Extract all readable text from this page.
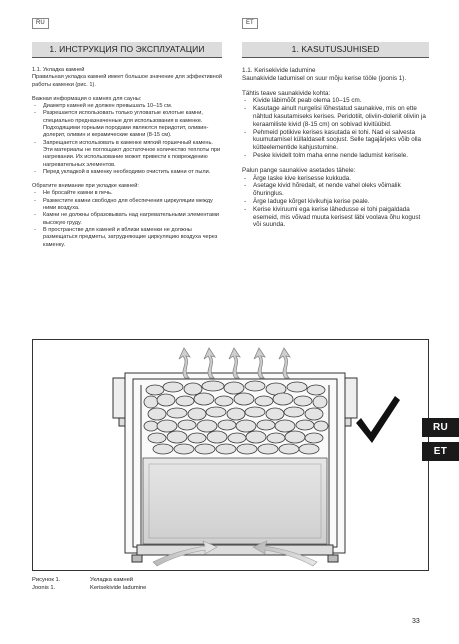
RU	ET
1. ИНСТРУКЦИЯ ПО ЭКСПЛУАТАЦИИ	1. KASUTUSJUHISED

1.1. Укладка камней

Правильная укладка камней имеет большое значение для эффективной работы каменки (рис. 1).

Важная информация о камнях для сауны:

- Диаметр камней не должен превышать 10–15 см.
- Разрешается использовать только угловатые колотые камни, специально предназначенные для использования в каменке. Подходящими горными породами являются перидотит, оливин-долерит, оливин и керамические камни (8-15 см).
- Запрещается использовать в каменке мягкий горшечный камень. Эти материалы не поглощают достаточное количество теплоты при нагревании. Их использование может привести к повреждению нагревательных элементов.
- Перед укладкой в каменку необходимо очистить камни от пыли.

Обратите внимание при укладке камней:

- Не бросайте камни в печь.
- Разместите камни свободно для обеспечения циркуляции между ними воздуха.
- Камни не должны образовывать над нагревательными элементами высокую груду.
- В пространстве для камней и вблизи каменки не должны размещаться предметы, затрудняющие циркуляцию воздуха через каменку.

1.1. Kerisekivide ladumine

Saunakivide ladumisel on suur mõju kerise tööle (joonis 1).

Tähtis teave saunakivide kohta:

- Kivide läbimõõt peab olema 10–15 cm.
- Kasutage ainult nurgelisi lõhestatud saunakive, mis on ette nähtud kasutamiseks kerises. Peridotiit, oliviin-doleriit oliviin ja keraamiliste kivid (8-15 cm) on sobivad kivitüübid.
- Pehmeid potikive kerises kasutada ei tohi. Nad ei salvesta kuumutamisel küllaldaselt soojust. Selle tagajärjeks võib olla kütteelementide kahjustumine.
- Peske kividelt tolm maha enne nende ladumist kerisele.

Palun pange saunakive asetades tähele:

- Ärge laske kive kerisesse kukkuda.
- Asetage kivid hõredalt, et nende vahel oleks võimalik õhuringlus.
- Ärge laduge kõrget kivikuhja kerise peale.
- Kerise kiviruumi ega kerise lähedusse ei tohi paigaldada esemeid, mis võivad muuta kerisest läbi voolava õhu kogust või suunda.
Рисунок 1.	Укладка камней
Joonis 1.	Kerisekivide ladumine
RU
ET
33
